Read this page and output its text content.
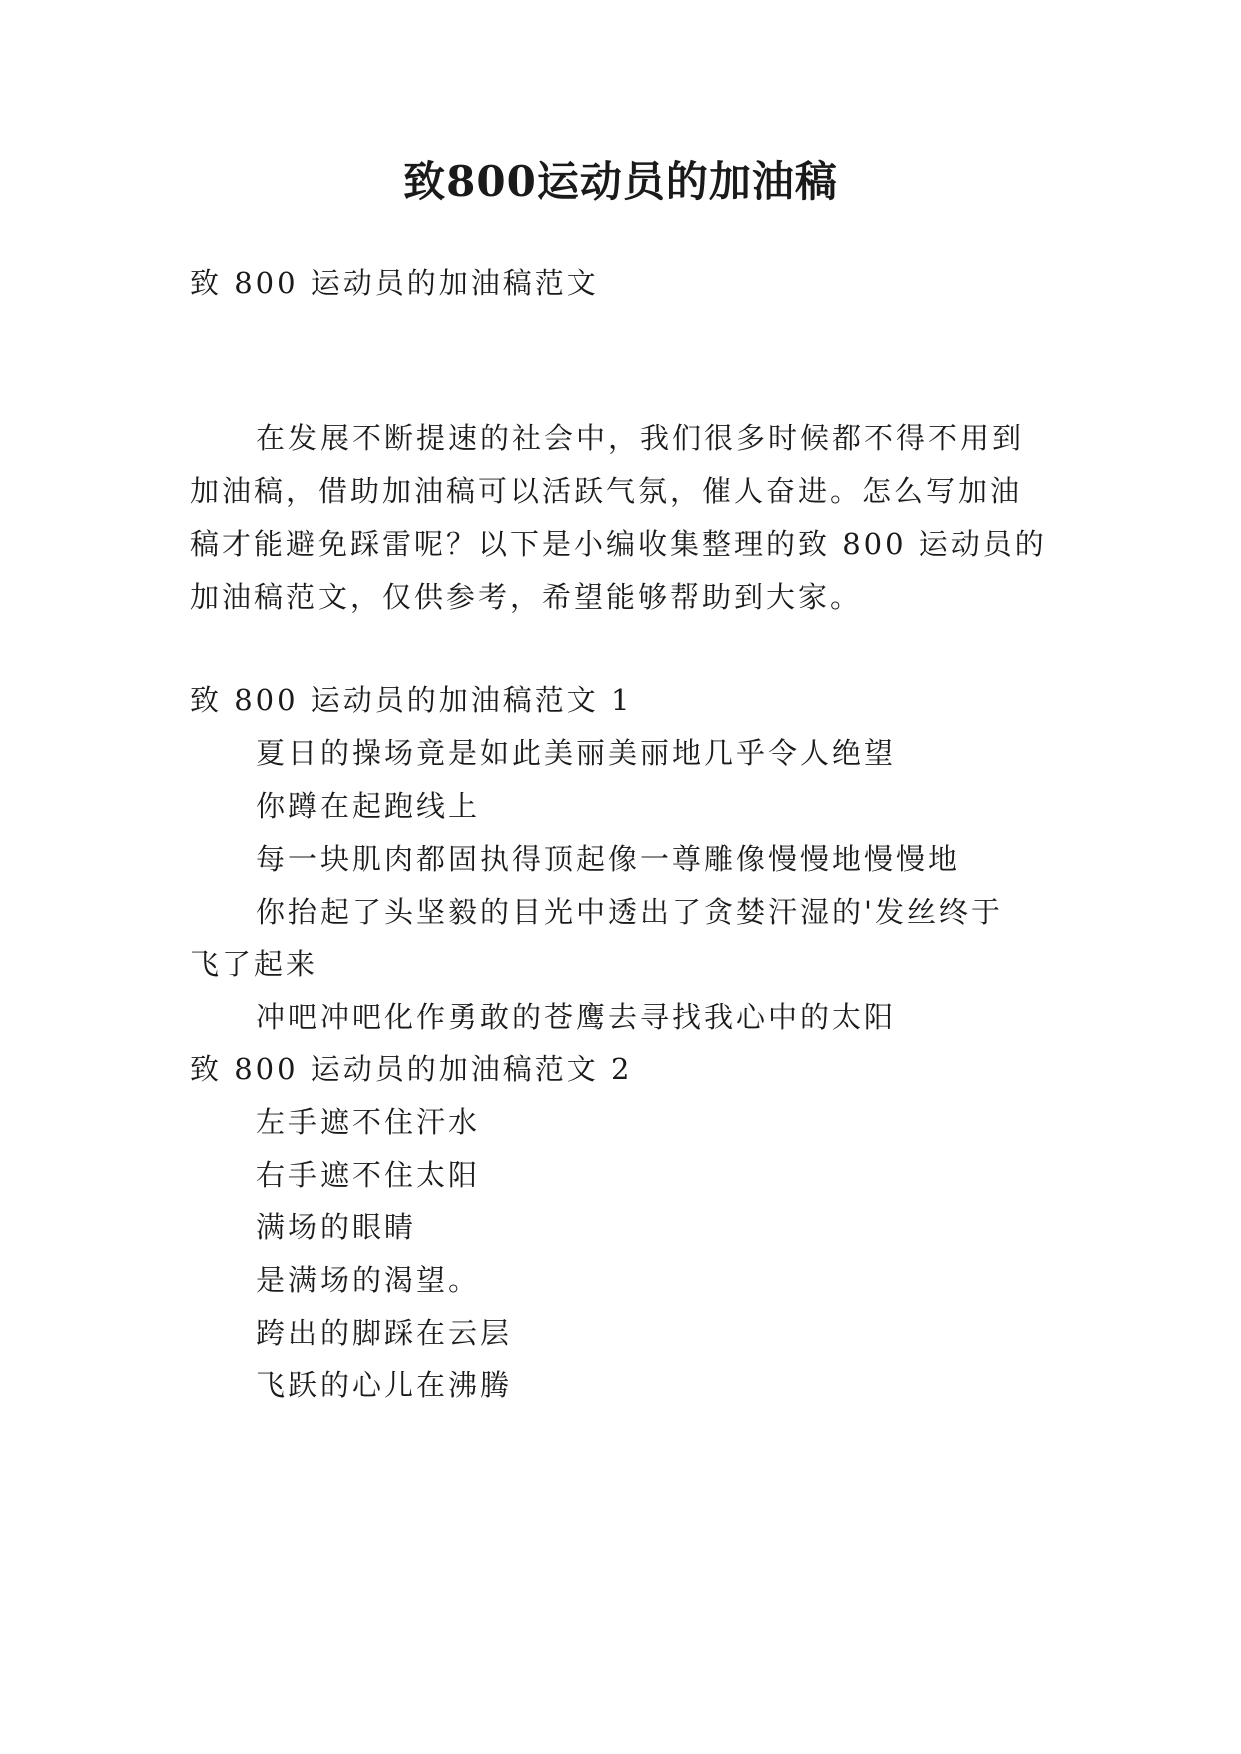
致800运动员的加油稿
致 800 运动员的加油稿范文
在发展不断提速的社会中，我们很多时候都不得不用到
加油稿，借助加油稿可以活跃气氛，催人奋进。怎么写加油
稿才能避免踩雷呢？以下是小编收集整理的致 800 运动员的
加油稿范文，仅供参考，希望能够帮助到大家。
致 800 运动员的加油稿范文 1
夏日的操场竟是如此美丽美丽地几乎令人绝望
你蹲在起跑线上
每一块肌肉都固执得顶起像一尊雕像慢慢地慢慢地
你抬起了头坚毅的目光中透出了贪婪汗湿的'发丝终于
飞了起来
冲吧冲吧化作勇敢的苍鹰去寻找我心中的太阳
致 800 运动员的加油稿范文 2
左手遮不住汗水
右手遮不住太阳
满场的眼睛
是满场的渴望。
跨出的脚踩在云层
飞跃的心儿在沸腾
